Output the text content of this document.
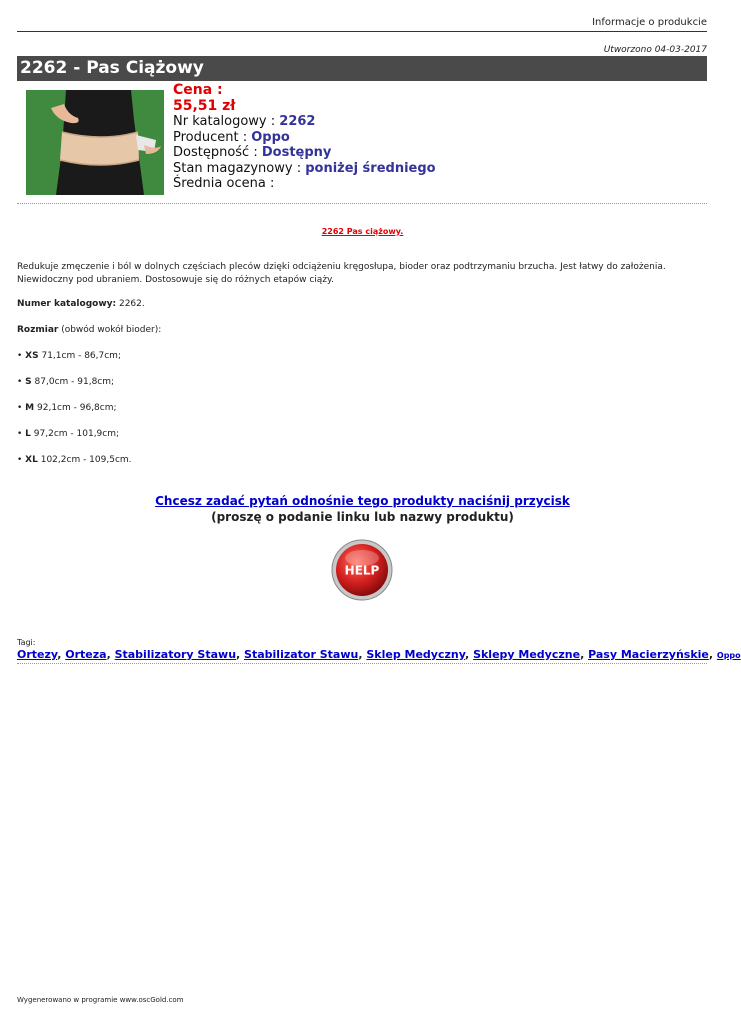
Informacje o produkcie
Utworzono 04-03-2017
2262 - Pas Ciążowy
Cena :
55,51 zł
Nr katalogowy : 2262
Producent : Oppo
Dostępność : Dostępny
Stan magazynowy : poniżej średniego
Średnia ocena :
2262 Pas ciążowy.
Redukuje zmęczenie i ból w dolnych częściach pleców dzięki odciążeniu kręgosłupa, bioder oraz podtrzymaniu brzucha. Jest łatwy do założenia. Niewidoczny pod ubraniem. Dostosowuje się do różnych etapów ciąży.
Numer katalogowy: 2262.
Rozmiar (obwód wokół bioder):
• XS 71,1cm - 86,7cm;
• S 87,0cm - 91,8cm;
• M 92,1cm - 96,8cm;
• L 97,2cm - 101,9cm;
• XL 102,2cm - 109,5cm.
Chcesz zadać pytań odnośnie tego produkty naciśnij przycisk
(proszę o podanie linku lub nazwy produktu)
HELP
Tagi:
Ortezy, Orteza, Stabilizatory Stawu, Stabilizator Stawu, Sklep Medyczny, Sklepy Medyczne, Pasy Macierzyńskie, Oppo
Wygenerowano w programie www.oscGold.com
